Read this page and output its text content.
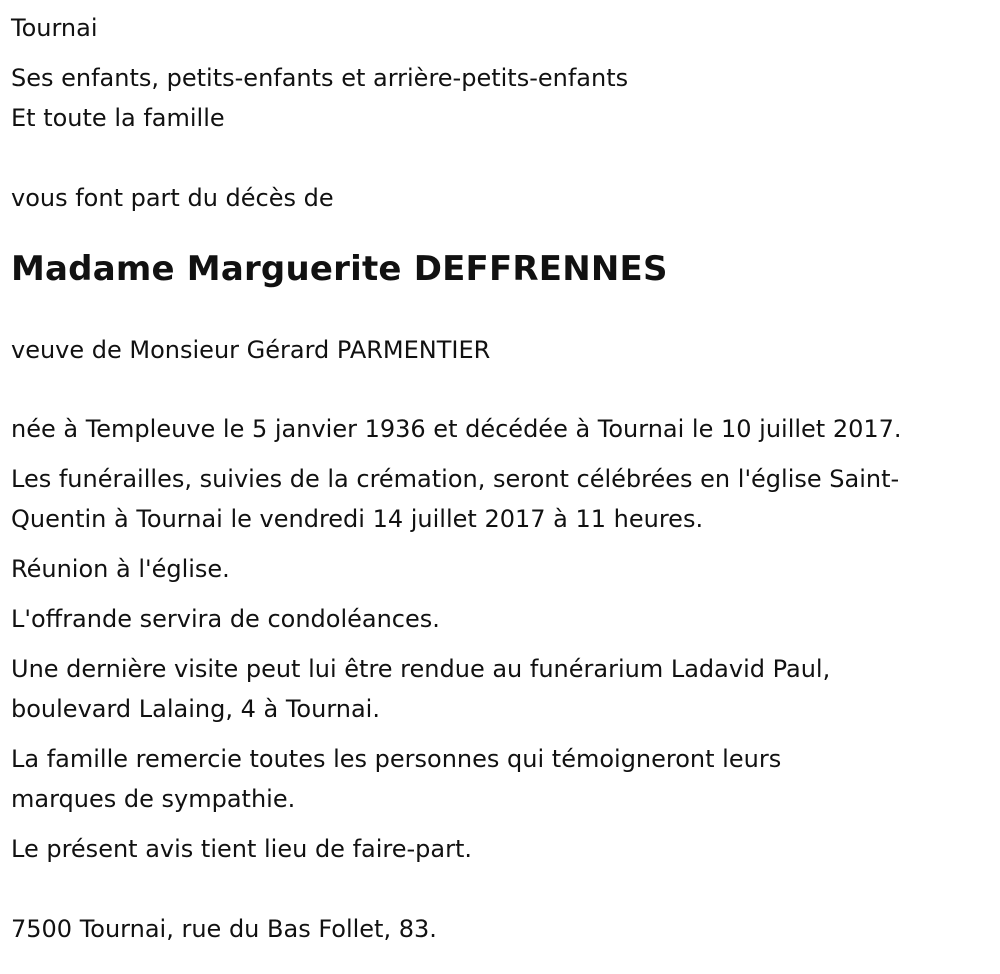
Tournai

Ses enfants, petits-enfants et arrière-petits-enfants
Et toute la famille

vous font part du décès de

Madame Marguerite DEFFRENNES

veuve de Monsieur Gérard PARMENTIER

née à Templeuve le 5 janvier 1936 et décédée à Tournai le 10 juillet 2017.

Les funérailles, suivies de la crémation, seront célébrées en l'église Saint-
Quentin à Tournai le vendredi 14 juillet 2017 à 11 heures.

Réunion à l'église.

L'offrande servira de condoléances.

Une dernière visite peut lui être rendue au funérarium Ladavid Paul,
boulevard Lalaing, 4 à Tournai.
La famille remercie toutes les personnes qui témoigneront leurs
marques de sympathie.

Le présent avis tient lieu de faire-part.

7500 Tournai, rue du Bas Follet, 83.
